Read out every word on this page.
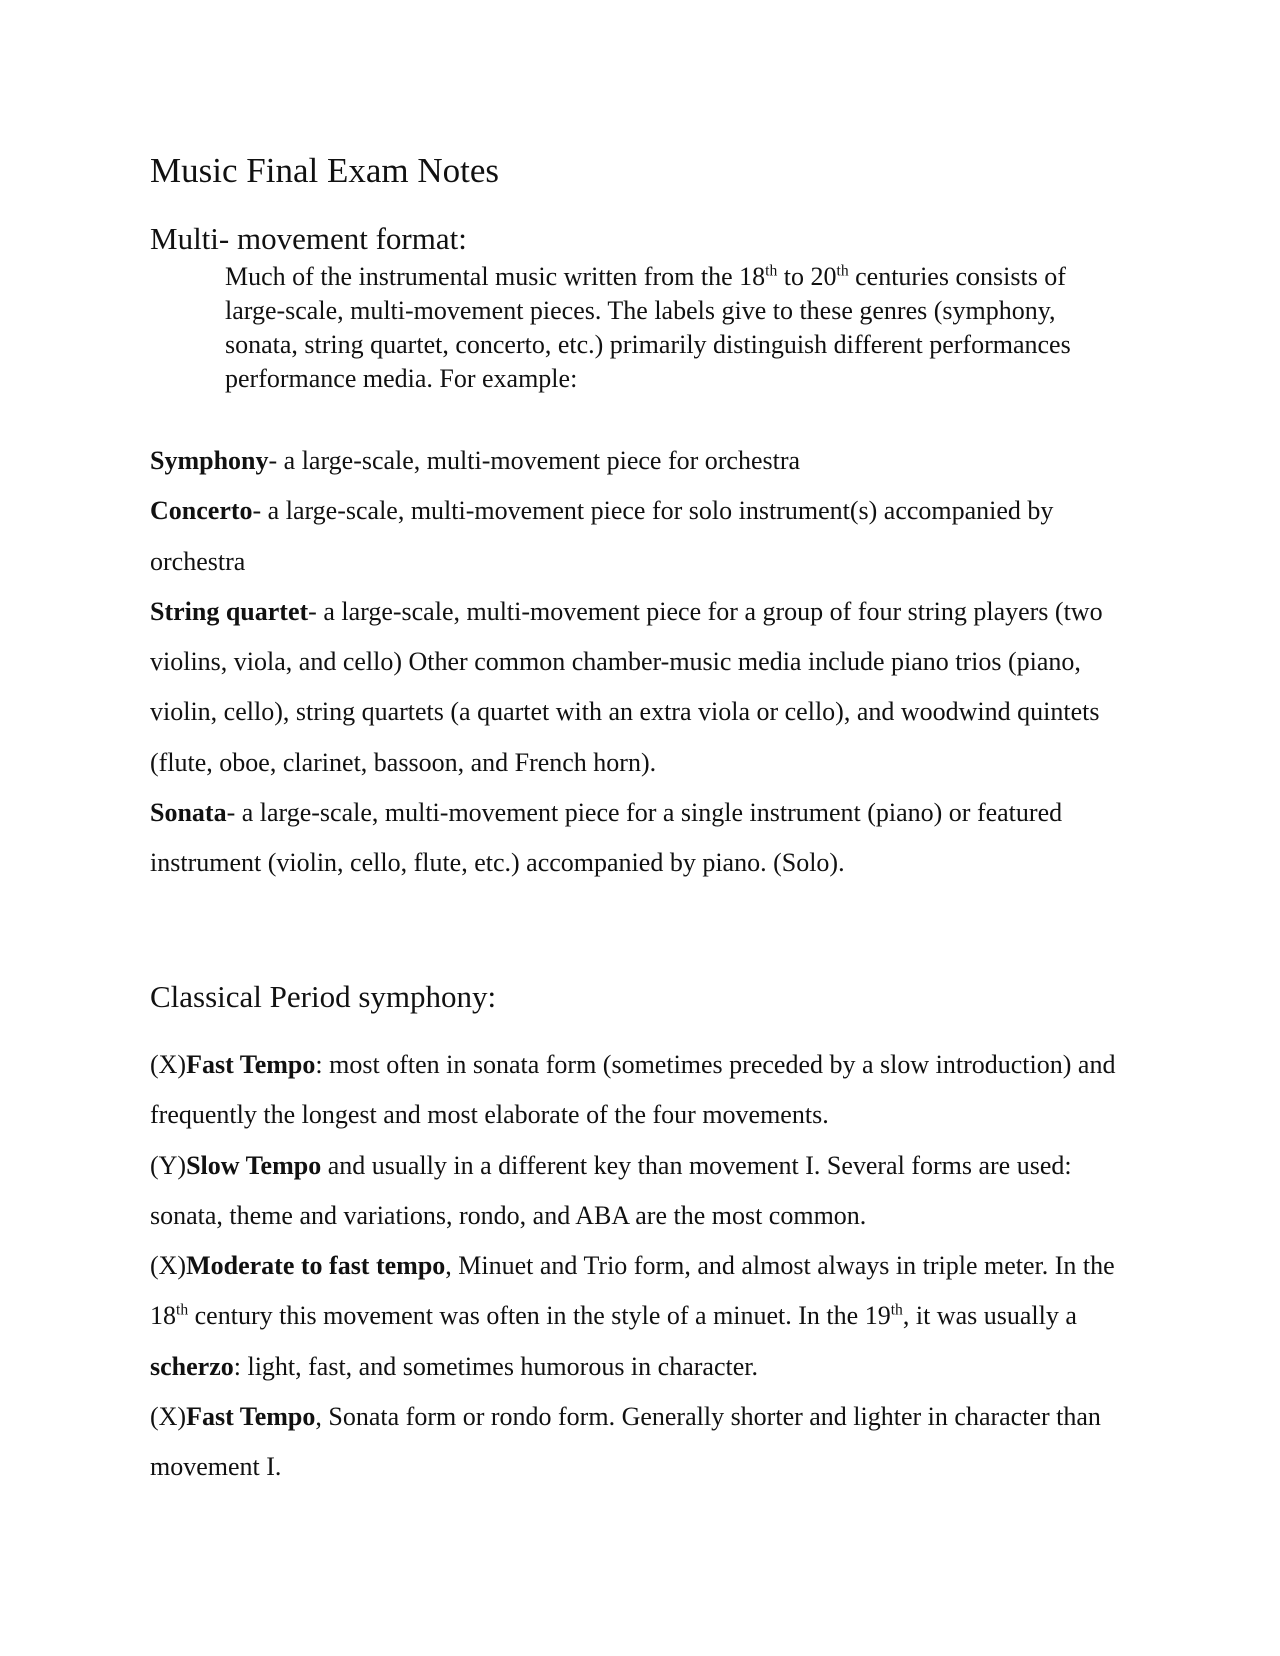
Music Final Exam Notes
Multi- movement format:

Much of the instrumental music written from the 18th to 20th centuries consists of large-scale, multi-movement pieces. The labels give to these genres (symphony, sonata, string quartet, concerto, etc.) primarily distinguish different performances performance media. For example:

Symphony- a large-scale, multi-movement piece for orchestra

Concerto- a large-scale, multi-movement piece for solo instrument(s) accompanied by orchestra

String quartet- a large-scale, multi-movement piece for a group of four string players (two violins, viola, and cello) Other common chamber-music media include piano trios (piano, violin, cello), string quartets (a quartet with an extra viola or cello), and woodwind quintets (flute, oboe, clarinet, bassoon, and French horn).

Sonata- a large-scale, multi-movement piece for a single instrument (piano) or featured instrument (violin, cello, flute, etc.) accompanied by piano. (Solo).

Classical Period symphony:

(X)Fast Tempo: most often in sonata form (sometimes preceded by a slow introduction) and frequently the longest and most elaborate of the four movements.

(Y)Slow Tempo and usually in a different key than movement I. Several forms are used: sonata, theme and variations, rondo, and ABA are the most common.

(X)Moderate to fast tempo, Minuet and Trio form, and almost always in triple meter. In the 18th century this movement was often in the style of a minuet. In the 19th, it was usually a scherzo: light, fast, and sometimes humorous in character.

(X)Fast Tempo, Sonata form or rondo form. Generally shorter and lighter in character than movement I.
